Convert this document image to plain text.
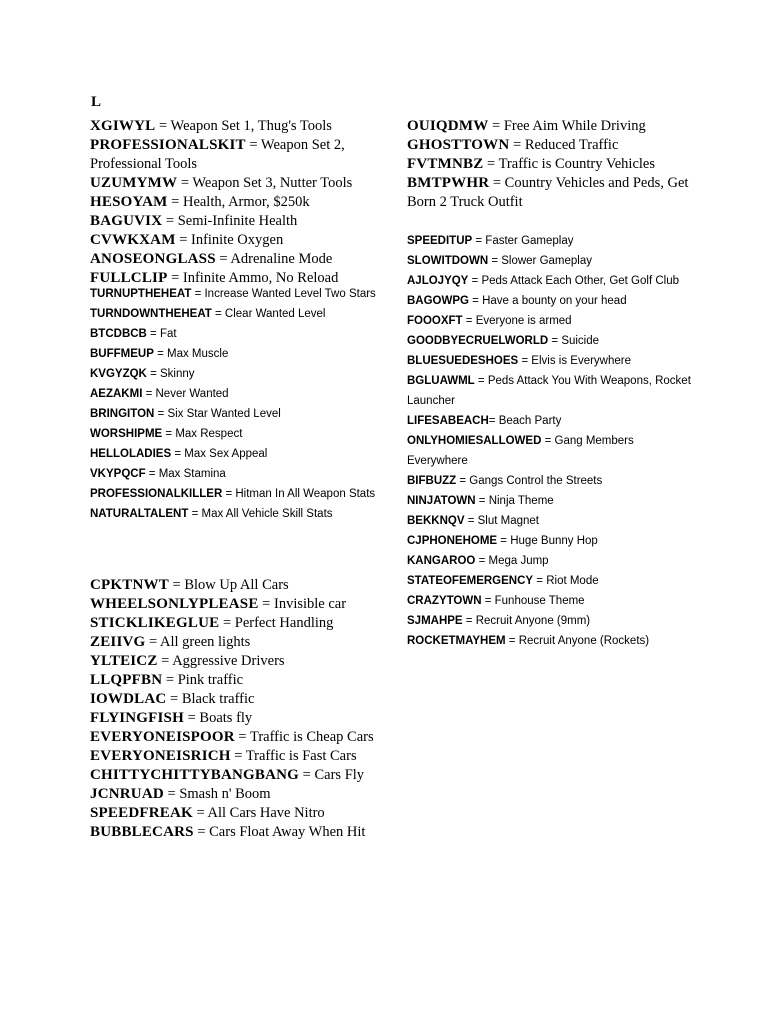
L

XGIWYL = Weapon Set 1, Thug's Tools

PROFESSIONALSKIT = Weapon Set 2, Professional Tools

UZUMYMW = Weapon Set 3, Nutter Tools

HESOYAM = Health, Armor, $250k

BAGUVIX = Semi-Infinite Health

CVWKXAM = Infinite Oxygen

ANOSEONGLASS = Adrenaline Mode

FULLCLIP = Infinite Ammo, No Reload

TURNUPTHEHEAT = Increase Wanted Level Two Stars

TURNDOWNTHEHEAT = Clear Wanted Level

BTCDBCB = Fat

BUFFMEUP = Max Muscle

KVGYZQK = Skinny

AEZAKMI = Never Wanted

BRINGITON = Six Star Wanted Level

WORSHIPME = Max Respect

HELLOLADIES = Max Sex Appeal

VKYPQCF = Max Stamina

PROFESSIONALKILLER = Hitman In All Weapon Stats

NATURALTALENT = Max All Vehicle Skill Stats

CPKTNWT = Blow Up All Cars

WHEELSONLYPLEASE = Invisible car

STICKLIKEGLUE = Perfect Handling

ZEIIVG = All green lights

YLTEICZ = Aggressive Drivers

LLQPFBN = Pink traffic

IOWDLAC = Black traffic

FLYINGFISH = Boats fly

EVERYONEISPOOR = Traffic is Cheap Cars

EVERYONEISRICH = Traffic is Fast Cars

CHITTYCHITTYBANGBANG = Cars Fly

JCNRUAD = Smash n' Boom

SPEEDFREAK = All Cars Have Nitro

BUBBLECARS = Cars Float Away When Hit

OUIQDMW = Free Aim While Driving

GHOSTTOWN = Reduced Traffic

FVTMNBZ = Traffic is Country Vehicles

BMTPWHR = Country Vehicles and Peds, Get Born 2 Truck Outfit

SPEEDITUP = Faster Gameplay

SLOWITDOWN = Slower Gameplay

AJLOJYQY = Peds Attack Each Other, Get Golf Club

BAGOWPG = Have a bounty on your head

FOOOXFT = Everyone is armed

GOODBYECRUELWORLD = Suicide

BLUESUEDESHOES = Elvis is Everywhere

BGLUAWML = Peds Attack You With Weapons, Rocket Launcher

LIFESABEACH= Beach Party

ONLYHOMIESALLOWED = Gang Members Everywhere

BIFBUZZ = Gangs Control the Streets

NINJATOWN = Ninja Theme

BEKKNQV = Slut Magnet

CJPHONEHOME = Huge Bunny Hop

KANGAROO = Mega Jump

STATEOFEMERGENCY = Riot Mode

CRAZYTOWN = Funhouse Theme

SJMAHPE = Recruit Anyone (9mm)

ROCKETMAYHEM = Recruit Anyone (Rockets)
